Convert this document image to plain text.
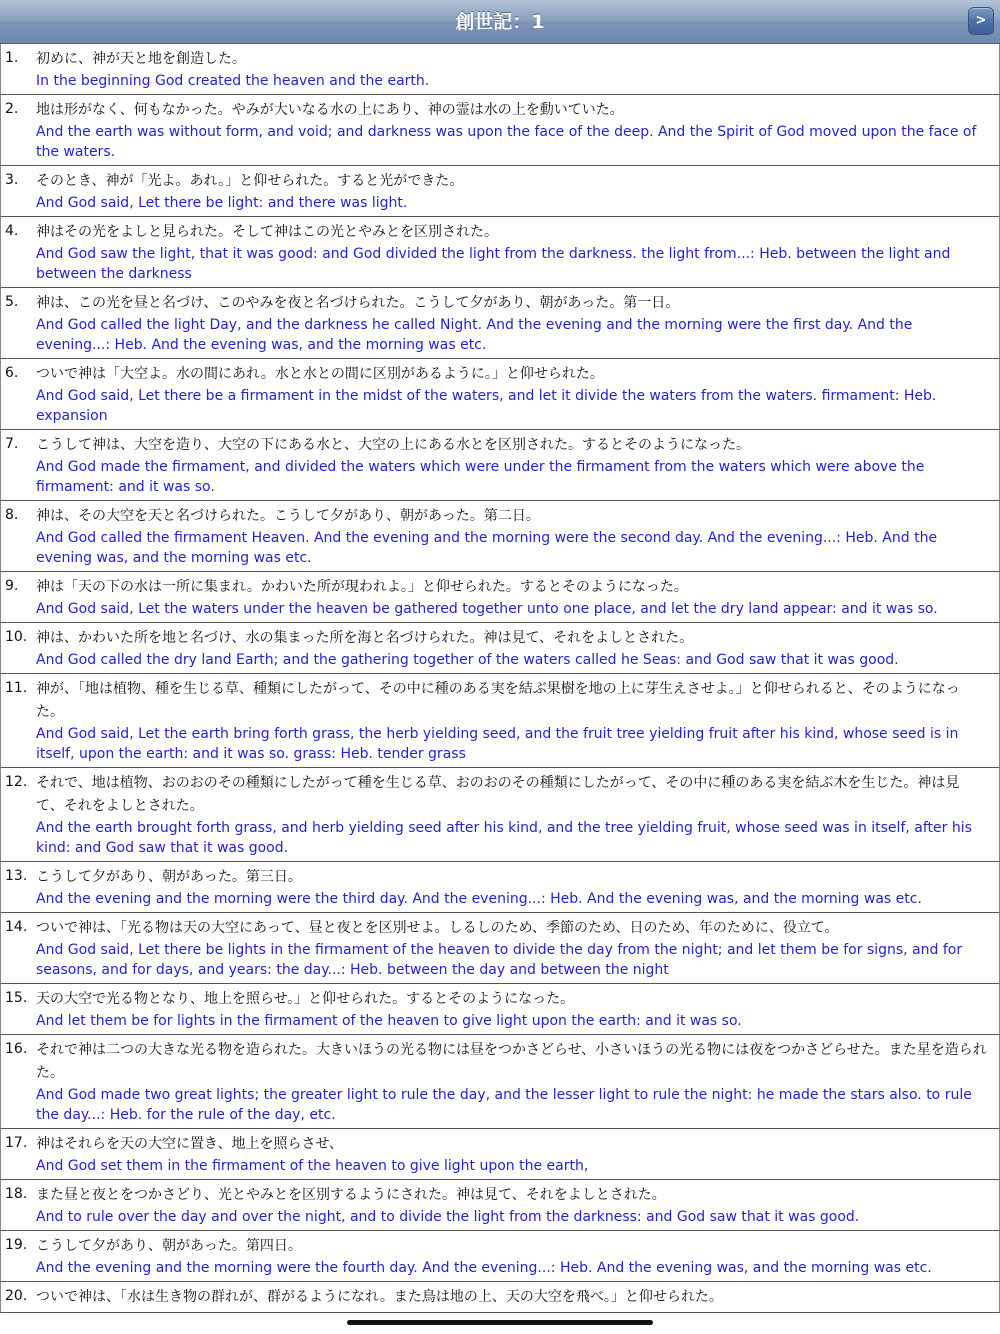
創世記：1	>
1.	初めに、神が天と地を創造した。
In the beginning God created the heaven and the earth.
2.	地は形がなく、何もなかった。やみが大いなる水の上にあり、神の霊は水の上を動いていた。
And the earth was without form, and void; and darkness was upon the face of the deep. And the Spirit of God moved upon the face of the waters.
3.	そのとき、神が「光よ。あれ。」と仰せられた。すると光ができた。
And God said, Let there be light: and there was light.
4.	神はその光をよしと見られた。そして神はこの光とやみとを区別された。
And God saw the light, that it was good: and God divided the light from the darkness. the light from...: Heb. between the light and between the darkness
5.	神は、この光を昼と名づけ、このやみを夜と名づけられた。こうして夕があり、朝があった。第一日。
And God called the light Day, and the darkness he called Night. And the evening and the morning were the first day. And the evening...: Heb. And the evening was, and the morning was etc.
6.	ついで神は「大空よ。水の間にあれ。水と水との間に区別があるように。」と仰せられた。
And God said, Let there be a firmament in the midst of the waters, and let it divide the waters from the waters. firmament: Heb. expansion
7.	こうして神は、大空を造り、大空の下にある水と、大空の上にある水とを区別された。するとそのようになった。
And God made the firmament, and divided the waters which were under the firmament from the waters which were above the firmament: and it was so.
8.	神は、その大空を天と名づけられた。こうして夕があり、朝があった。第二日。
And God called the firmament Heaven. And the evening and the morning were the second day. And the evening...: Heb. And the evening was, and the morning was etc.
9.	神は「天の下の水は一所に集まれ。かわいた所が現われよ。」と仰せられた。するとそのようになった。
And God said, Let the waters under the heaven be gathered together unto one place, and let the dry land appear: and it was so.
10. 神は、かわいた所を地と名づけ、水の集まった所を海と名づけられた。神は見て、それをよしとされた。
And God called the dry land Earth; and the gathering together of the waters called he Seas: and God saw that it was good.
11. 神が、「地は植物、種を生じる草、種類にしたがって、その中に種のある実を結ぶ果樹を地の上に芽生えさせよ。」と仰せられると、そのようになった。
And God said, Let the earth bring forth grass, the herb yielding seed, and the fruit tree yielding fruit after his kind, whose seed is in itself, upon the earth: and it was so. grass: Heb. tender grass
12. それで、地は植物、おのおのその種類にしたがって種を生じる草、おのおのその種類にしたがって、その中に種のある実を結ぶ木を生じた。神は見て、それをよしとされた。
And the earth brought forth grass, and herb yielding seed after his kind, and the tree yielding fruit, whose seed was in itself, after his kind: and God saw that it was good.
13. こうして夕があり、朝があった。第三日。
And the evening and the morning were the third day. And the evening...: Heb. And the evening was, and the morning was etc.
14. ついで神は、「光る物は天の大空にあって、昼と夜とを区別せよ。しるしのため、季節のため、日のため、年のために、役立て。
And God said, Let there be lights in the firmament of the heaven to divide the day from the night; and let them be for signs, and for seasons, and for days, and years: the day...: Heb. between the day and between the night
15. 天の大空で光る物となり、地上を照らせ。」と仰せられた。するとそのようになった。
And let them be for lights in the firmament of the heaven to give light upon the earth: and it was so.
16. それで神は二つの大きな光る物を造られた。大きいほうの光る物には昼をつかさどらせ、小さいほうの光る物には夜をつかさどらせた。また星を造られた。
And God made two great lights; the greater light to rule the day, and the lesser light to rule the night: he made the stars also. to rule the day...: Heb. for the rule of the day, etc.
17. 神はそれらを天の大空に置き、地上を照らさせ、
And God set them in the firmament of the heaven to give light upon the earth,
18. また昼と夜とをつかさどり、光とやみとを区別するようにされた。神は見て、それをよしとされた。
And to rule over the day and over the night, and to divide the light from the darkness: and God saw that it was good.
19. こうして夕があり、朝があった。第四日。
And the evening and the morning were the fourth day. And the evening...: Heb. And the evening was, and the morning was etc.
20. ついで神は、「水は生き物の群れが、群がるようになれ。また鳥は地の上、天の大空を飛べ。」と仰せられた。
